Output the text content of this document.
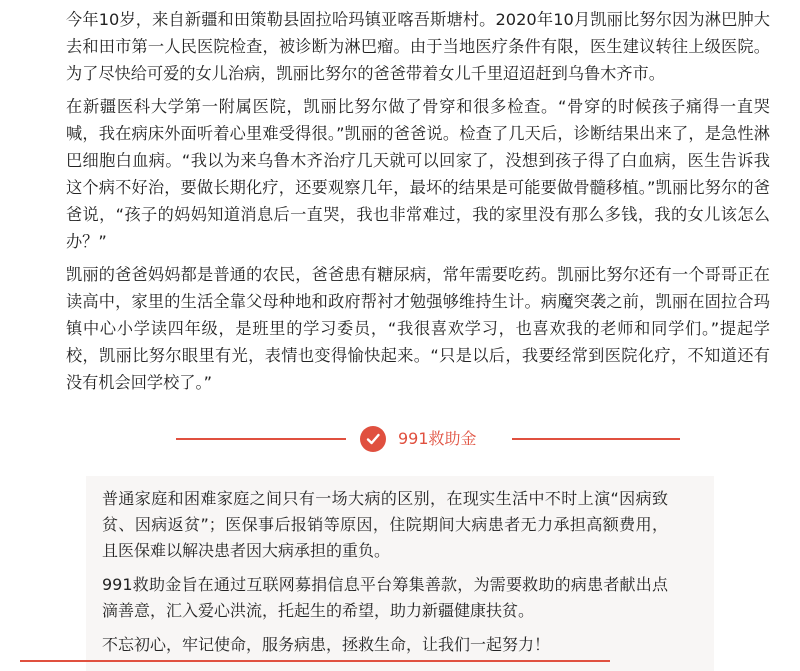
今年10岁，来自新疆和田策勒县固拉哈玛镇亚喀吾斯塘村。2020年10月凯丽比努尔因为淋巴肿大去和田市第一人民医院检查，被诊断为淋巴瘤。由于当地医疗条件有限，医生建议转往上级医院。为了尽快给可爱的女儿治病，凯丽比努尔的爸爸带着女儿千里迢迢赶到乌鲁木齐市。

在新疆医科大学第一附属医院，凯丽比努尔做了骨穿和很多检查。“骨穿的时候孩子痛得一直哭喊，我在病床外面听着心里难受得很。”凯丽的爸爸说。检查了几天后，诊断结果出来了，是急性淋巴细胞白血病。“我以为来乌鲁木齐治疗几天就可以回家了，没想到孩子得了白血病，医生告诉我这个病不好治，要做长期化疗，还要观察几年，最坏的结果是可能要做骨髓移植。”凯丽比努尔的爸爸说，“孩子的妈妈知道消息后一直哭，我也非常难过，我的家里没有那么多钱，我的女儿该怎么办？”

凯丽的爸爸妈妈都是普通的农民，爸爸患有糖尿病，常年需要吃药。凯丽比努尔还有一个哥哥正在读高中，家里的生活全靠父母种地和政府帮衬才勉强够维持生计。病魔突袭之前，凯丽在固拉合玛镇中心小学读四年级，是班里的学习委员，“我很喜欢学习，也喜欢我的老师和同学们。”提起学校，凯丽比努尔眼里有光，表情也变得愉快起来。“只是以后，我要经常到医院化疗，不知道还有没有机会回学校了。”

991救助金

普通家庭和困难家庭之间只有一场大病的区别，在现实生活中不时上演“因病致贫、因病返贫”；医保事后报销等原因，住院期间大病患者无力承担高额费用，且医保难以解决患者因大病承担的重负。

991救助金旨在通过互联网募捐信息平台筹集善款，为需要救助的病患者献出点滴善意，汇入爱心洪流，托起生的希望，助力新疆健康扶贫。

不忘初心，牢记使命，服务病患，拯救生命，让我们一起努力！
